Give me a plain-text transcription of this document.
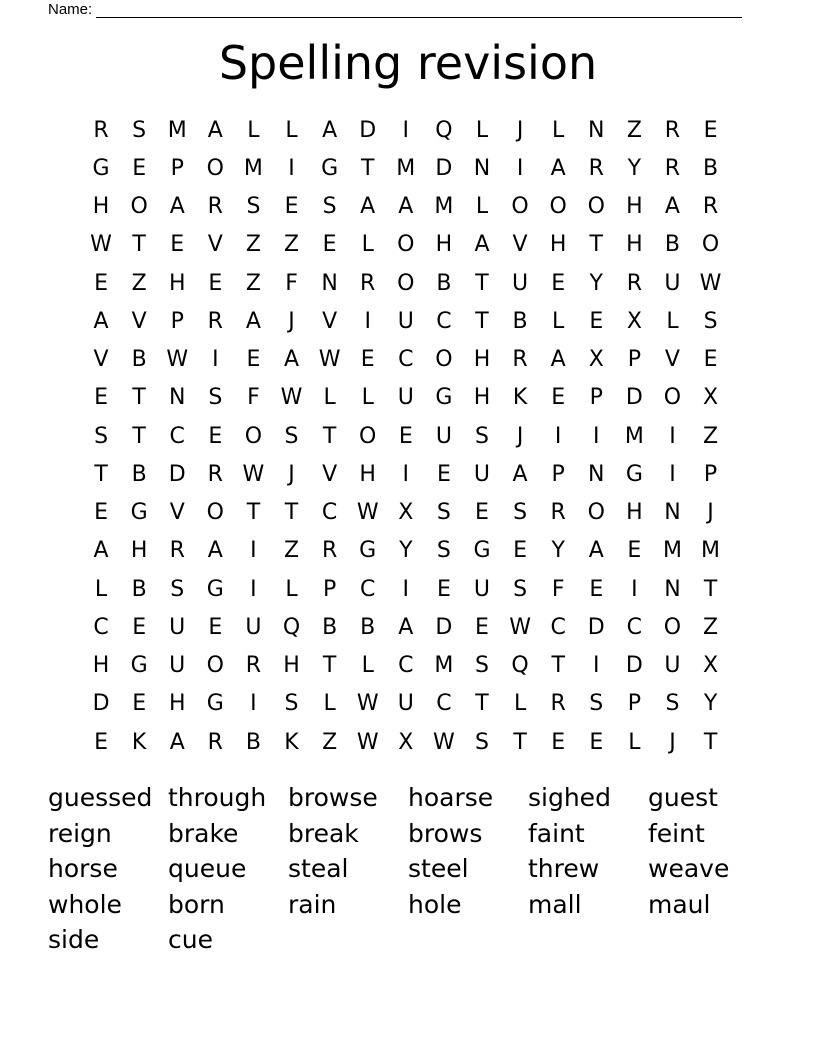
Name:
Spelling revision
R	S M A	L	L	A	D	I	Q	L	J	L	N	Z	R	E
G	E	P	O M	I	G	T M D N	I	A	R	Y	R	B
H O A	R	S	E	S	A	A M	L	O O O H	A	R
W T	E	V	Z	Z	E	L	O H	A	V	H	T	H	B O
E	Z	H	E	Z	F	N	R O B	T	U	E	Y	R	U W
A	V	P	R	A	J	V	I	U	C	T	B	L	E	X	L	S
V	B W	I	E	A W E	C O H	R	A	X	P	V	E
E	T	N	S	F W L	L	U G H	K	E	P	D O X
S	T	C	E	O	S	T	O	E	U	S	J	I	I	M	I	Z
T	B	D R W	J	V	H	I	E	U	A	P	N G	I	P
E	G	V O	T	T	C W X	S	E	S	R O H N	J
A	H	R	A	I	Z	R G	Y	S	G	E	Y	A	E M M
L	B	S	G	I	L	P	C	I	E	U	S	F	E	I	N	T
C	E	U	E	U Q B	B	A	D	E W C D C O Z
H G U O R	H	T	L	C M S	Q	T	I	D U	X
D	E	H G	I	S	L W U	C	T	L	R	S	P	S	Y
E	K	A	R	B	K	Z W X W S	T	E	E	L	J	T
guessed through browse	hoarse	sighed	guest
reign	brake	break	brows	faint	feint
horse	queue	steal	steel	threw	weave
whole	born	rain	hole	mall	maul
side	cue
